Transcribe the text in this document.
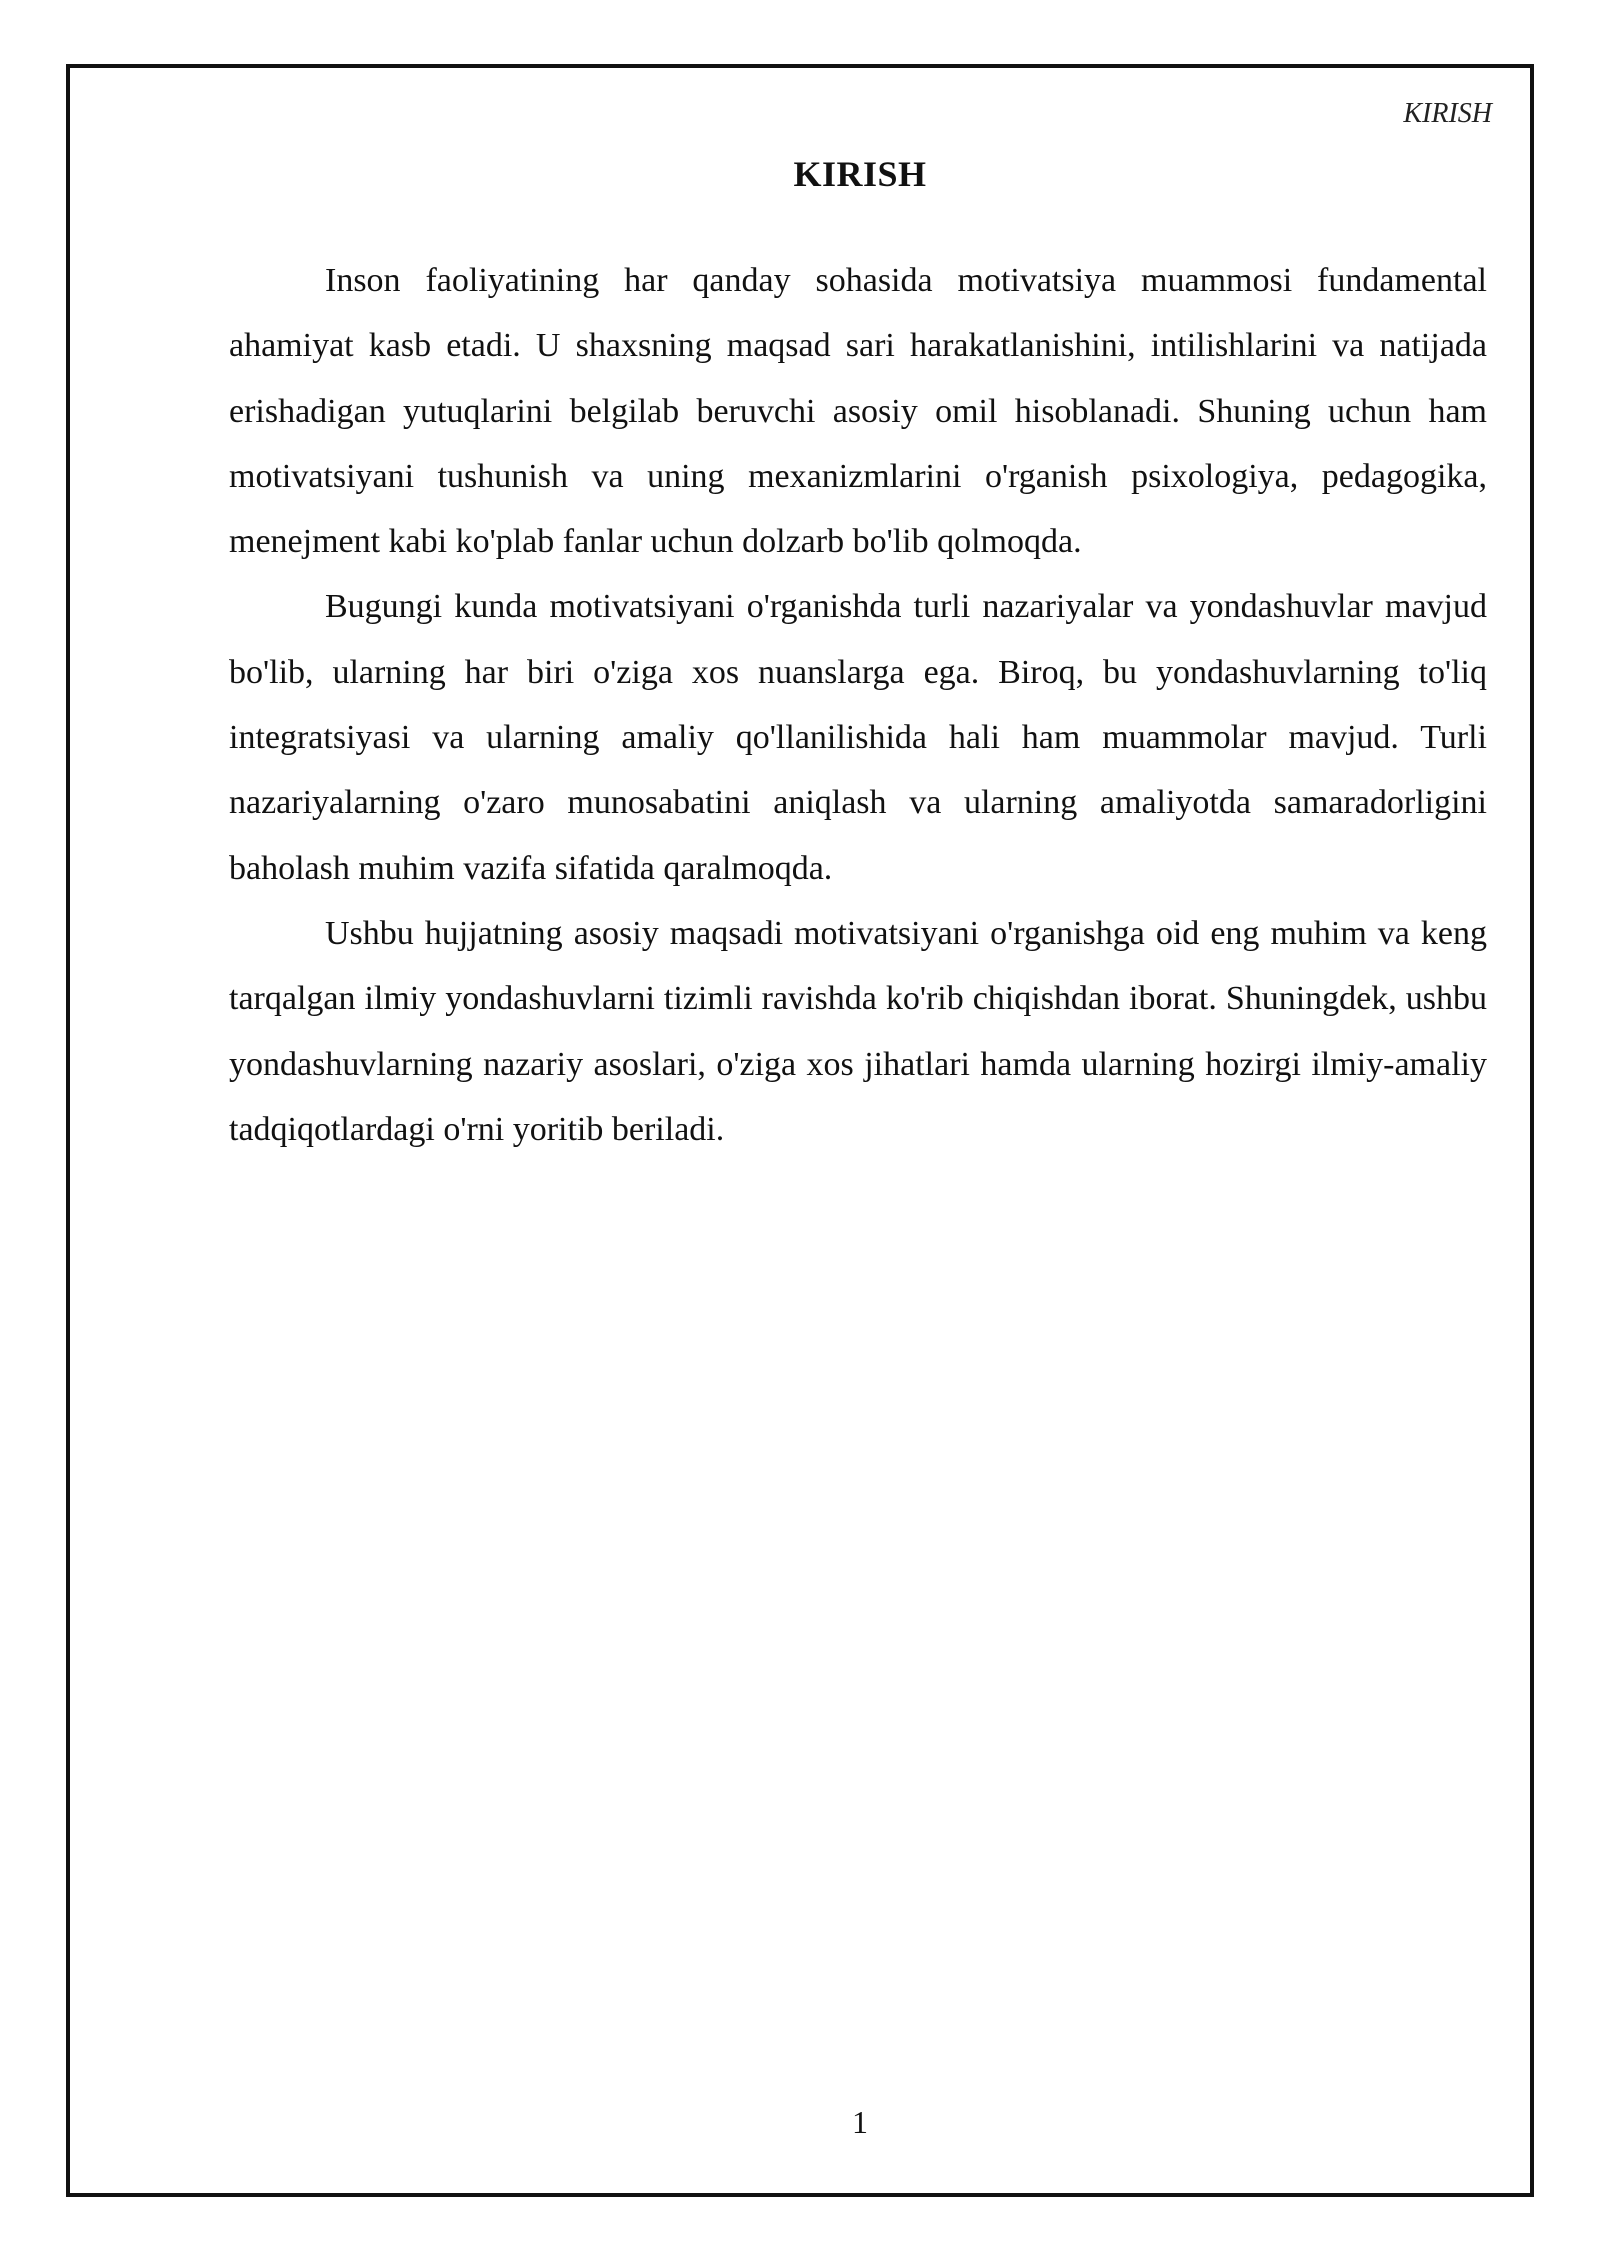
KIRISH
KIRISH

Inson faoliyatining har qanday sohasida motivatsiya muammosi fundamental ahamiyat kasb etadi. U shaxsning maqsad sari harakatlanishini, intilishlarini va natijada erishadigan yutuqlarini belgilab beruvchi asosiy omil hisoblanadi. Shuning uchun ham motivatsiyani tushunish va uning mexanizmlarini o'rganish psixologiya, pedagogika, menejment kabi ko'plab fanlar uchun dolzarb bo'lib qolmoqda.

Bugungi kunda motivatsiyani o'rganishda turli nazariyalar va yondashuvlar mavjud bo'lib, ularning har biri o'ziga xos nuanslarga ega. Biroq, bu yondashuvlarning to'liq integratsiyasi va ularning amaliy qo'llanilishida hali ham muammolar mavjud. Turli nazariyalarning o'zaro munosabatini aniqlash va ularning amaliyotda samaradorligini baholash muhim vazifa sifatida qaralmoqda.

Ushbu hujjatning asosiy maqsadi motivatsiyani o'rganishga oid eng muhim va keng tarqalgan ilmiy yondashuvlarni tizimli ravishda ko'rib chiqishdan iborat. Shuningdek, ushbu yondashuvlarning nazariy asoslari, o'ziga xos jihatlari hamda ularning hozirgi ilmiy-amaliy tadqiqotlardagi o'rni yoritib beriladi.

1
